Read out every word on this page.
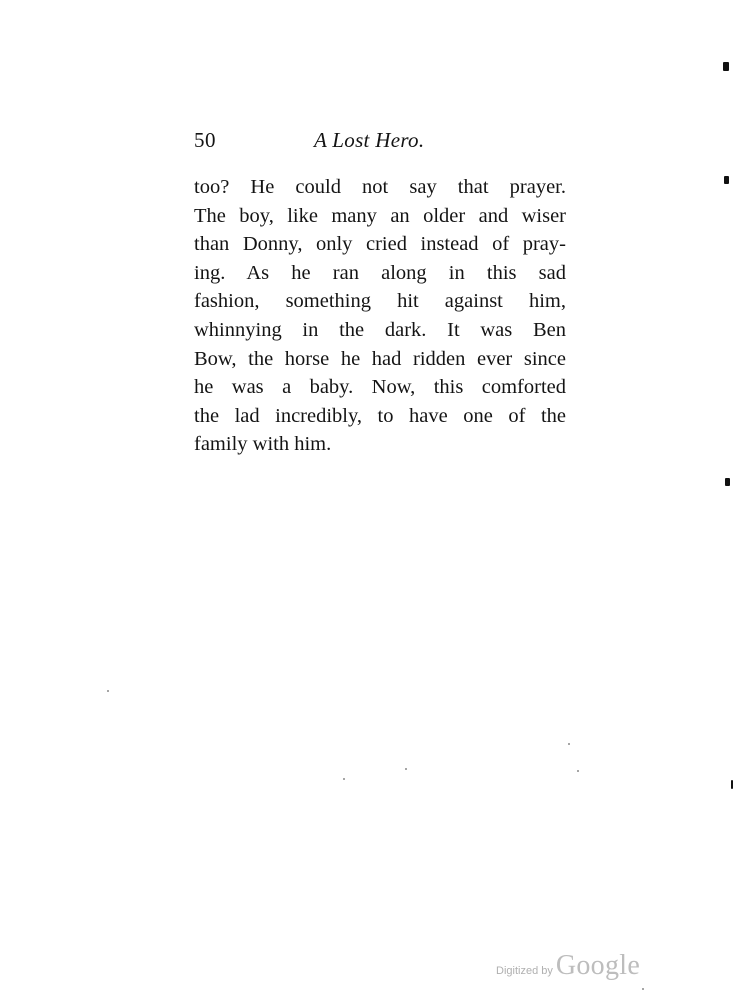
50	A Lost Hero.
too? He could not say that prayer.
The boy, like many an older and wiser
than Donny, only cried instead of pray-
ing. As he ran along in this sad
fashion, something hit against him,
whinnying in the dark. It was Ben
Bow, the horse he had ridden ever since
he was a baby. Now, this comforted
the lad incredibly, to have one of the
family with him.
Digitized by Google
